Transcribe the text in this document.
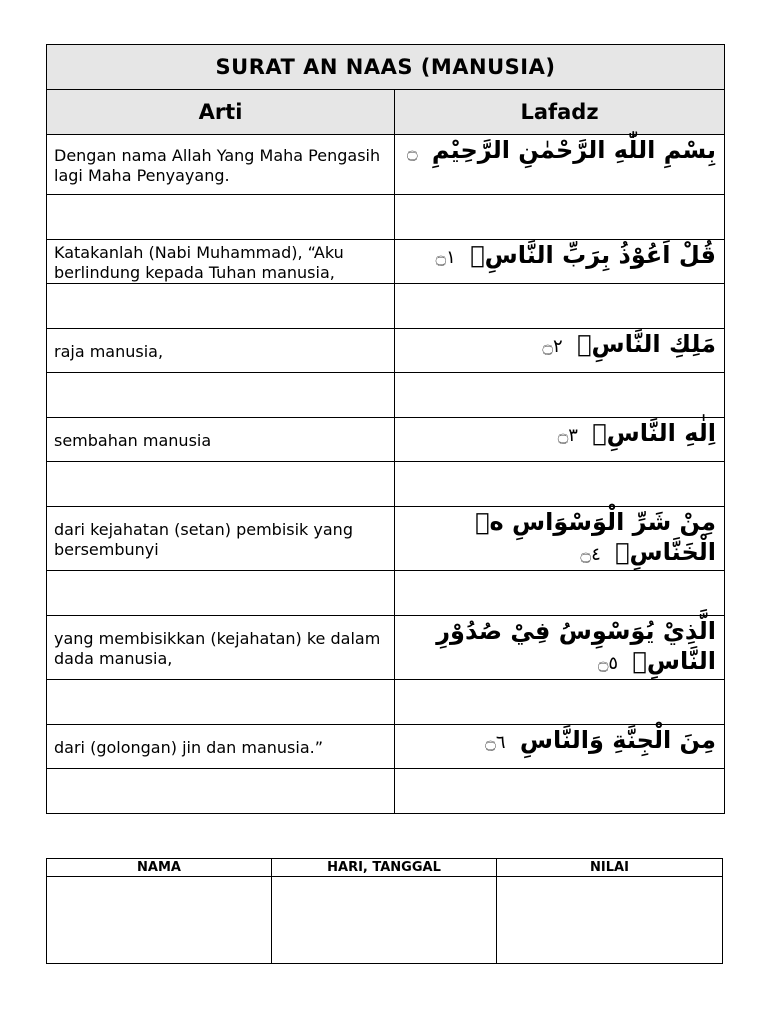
SURAT AN NAAS (MANUSIA)	
Arti	Lafadz
Dengan nama Allah Yang Maha Pengasih lagi Maha Penyayang.	بِسْمِ اللّٰهِ الرَّحْمٰنِ الرَّحِيْمِ ۝

Katakanlah (Nabi Muhammad), “Aku berlindung kepada Tuhan manusia,	قُلْ اَعُوْذُ بِرَبِّ النَّاسِۙ ۝١

raja manusia,	مَلِكِ النَّاسِۙ ۝٢

sembahan manusia	اِلٰهِ النَّاسِۙ ۝٣

dari kejahatan (setan) pembisik yang bersembunyi	مِنْ شَرِّ الْوَسْوَاسِ ەۙ الْخَنَّاسِۖ ۝٤

yang membisikkan (kejahatan) ke dalam dada manusia,	الَّذِيْ يُوَسْوِسُ فِيْ صُدُوْرِ النَّاسِۙ ۝٥

dari (golongan) jin dan manusia.”	مِنَ الْجِنَّةِ وَالنَّاسِ ۝٦

NAMA	HARI, TANGGAL	NILAI
